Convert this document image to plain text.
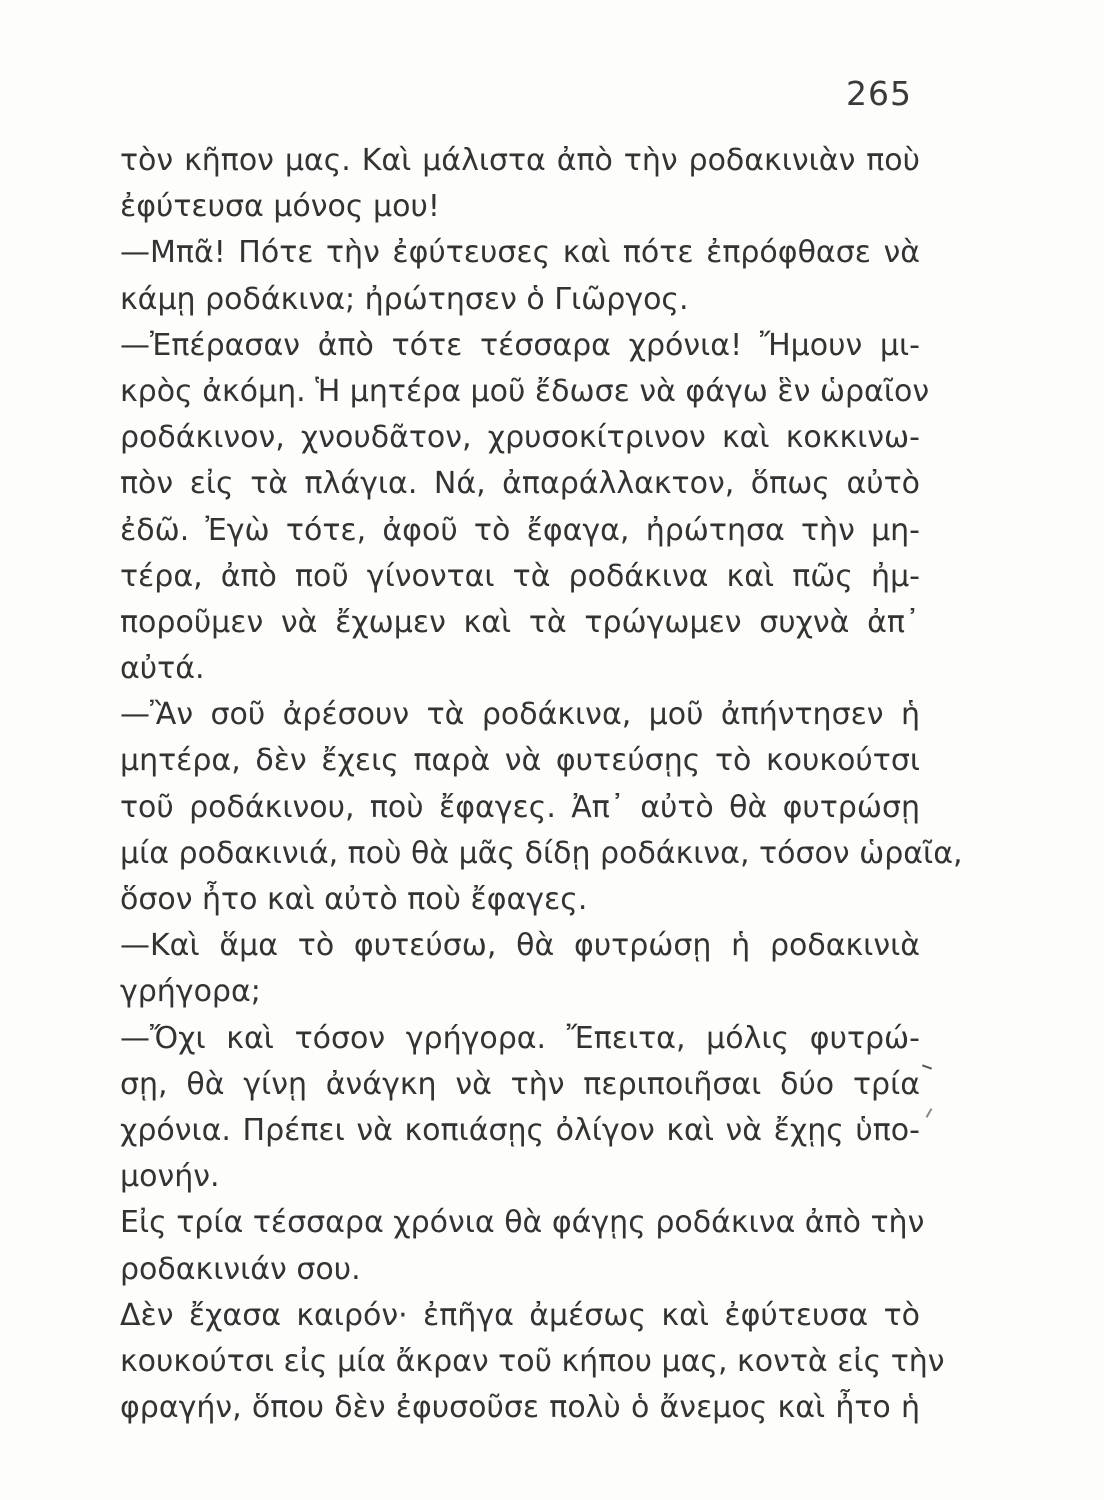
265
τὸν κῆπον μας. Καὶ μάλιστα ἀπὸ τὴν ροδακινιὰν ποὺ
ἐφύτευσα μόνος μου!
—Μπᾶ! Πότε τὴν ἐφύτευσες καὶ πότε ἐπρόφθασε νὰ
κάμῃ ροδάκινα; ἠρώτησεν ὁ Γιῶργος.
—Ἐπέρασαν ἀπὸ τότε τέσσαρα χρόνια! Ἤμουν μι-
κρὸς ἀκόμη. Ἡ μητέρα μοῦ ἔδωσε νὰ φάγω ἓν ὡραῖον
ροδάκινον, χνουδᾶτον, χρυσοκίτρινον καὶ κοκκινω-
πὸν εἰς τὰ πλάγια. Νά, ἀπαράλλακτον, ὅπως αὐτὸ
ἐδῶ. Ἐγὼ τότε, ἀφοῦ τὸ ἔφαγα, ἠρώτησα τὴν μη-
τέρα, ἀπὸ ποῦ γίνονται τὰ ροδάκινα καὶ πῶς ἠμ-
ποροῦμεν νὰ ἔχωμεν καὶ τὰ τρώγωμεν συχνὰ ἀπ᾽
αὐτά.
—Ἂν σοῦ ἀρέσουν τὰ ροδάκινα, μοῦ ἀπήντησεν ἡ
μητέρα, δὲν ἔχεις παρὰ νὰ φυτεύσῃς τὸ κουκούτσι
τοῦ ροδάκινου, ποὺ ἔφαγες. Ἀπ᾽ αὐτὸ θὰ φυτρώσῃ
μία ροδακινιά, ποὺ θὰ μᾶς δίδῃ ροδάκινα, τόσον ὡραῖα,
ὅσον ἦτο καὶ αὐτὸ ποὺ ἔφαγες.
—Καὶ ἅμα τὸ φυτεύσω, θὰ φυτρώσῃ ἡ ροδακινιὰ
γρήγορα;
—Ὄχι καὶ τόσον γρήγορα. Ἔπειτα, μόλις φυτρώ-
σῃ, θὰ γίνῃ ἀνάγκη νὰ τὴν περιποιῆσαι δύο τρία
χρόνια. Πρέπει νὰ κοπιάσῃς ὀλίγον καὶ νὰ ἔχῃς ὑπο-
μονήν.
Εἰς τρία τέσσαρα χρόνια θὰ φάγῃς ροδάκινα ἀπὸ τὴν
ροδακινιάν σου.
Δὲν ἔχασα καιρόν· ἐπῆγα ἀμέσως καὶ ἐφύτευσα τὸ
κουκούτσι εἰς μία ἄκραν τοῦ κήπου μας, κοντὰ εἰς τὴν
φραγήν, ὅπου δὲν ἐφυσοῦσε πολὺ ὁ ἄνεμος καὶ ἦτο ἡ
